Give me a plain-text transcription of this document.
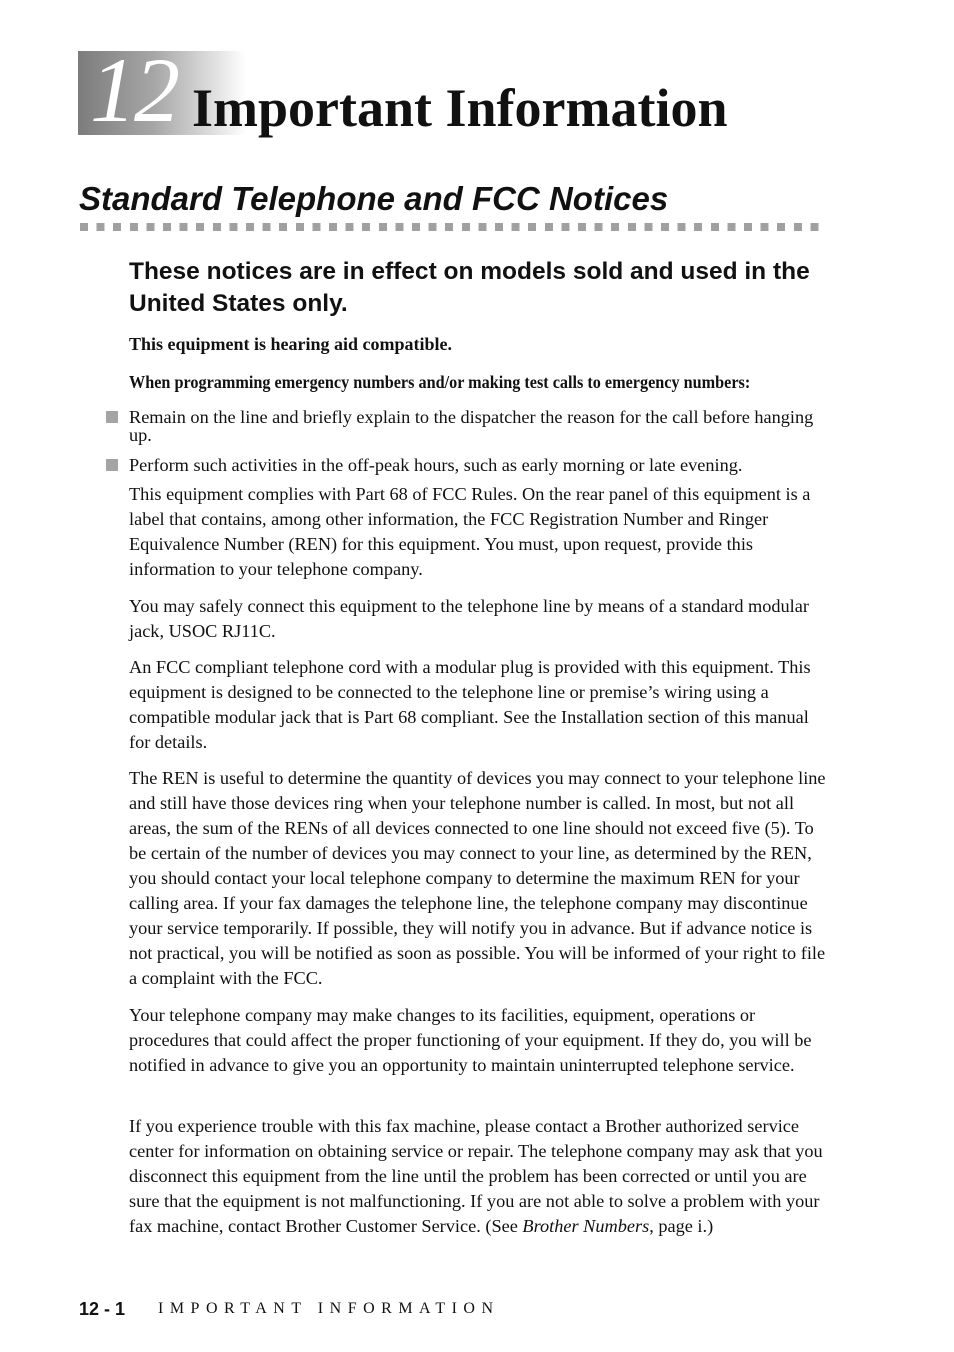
12 Important Information
Standard Telephone and FCC Notices
These notices are in effect on models sold and used in the United States only.
This equipment is hearing aid compatible.
When programming emergency numbers and/or making test calls to emergency numbers:
Remain on the line and briefly explain to the dispatcher the reason for the call before hanging up.
Perform such activities in the off-peak hours, such as early morning or late evening.
This equipment complies with Part 68 of FCC Rules. On the rear panel of this equipment is a label that contains, among other information, the FCC Registration Number and Ringer Equivalence Number (REN) for this equipment. You must, upon request, provide this information to your telephone company.
You may safely connect this equipment to the telephone line by means of a standard modular jack, USOC RJ11C.
An FCC compliant telephone cord with a modular plug is provided with this equipment. This equipment is designed to be connected to the telephone line or premise’s wiring using a compatible modular jack that is Part 68 compliant. See the Installation section of this manual for details.
The REN is useful to determine the quantity of devices you may connect to your telephone line and still have those devices ring when your telephone number is called. In most, but not all areas, the sum of the RENs of all devices connected to one line should not exceed five (5). To be certain of the number of devices you may connect to your line, as determined by the REN, you should contact your local telephone company to determine the maximum REN for your calling area. If your fax damages the telephone line, the telephone company may discontinue your service temporarily. If possible, they will notify you in advance. But if advance notice is not practical, you will be notified as soon as possible. You will be informed of your right to file a complaint with the FCC.
Your telephone company may make changes to its facilities, equipment, operations or procedures that could affect the proper functioning of your equipment. If they do, you will be notified in advance to give you an opportunity to maintain uninterrupted telephone service.
If you experience trouble with this fax machine, please contact a Brother authorized service center for information on obtaining service or repair. The telephone company may ask that you disconnect this equipment from the line until the problem has been corrected or until you are sure that the equipment is not malfunctioning. If you are not able to solve a problem with your fax machine, contact Brother Customer Service. (See Brother Numbers, page i.)
12 - 1 IMPORTANT INFORMATION
